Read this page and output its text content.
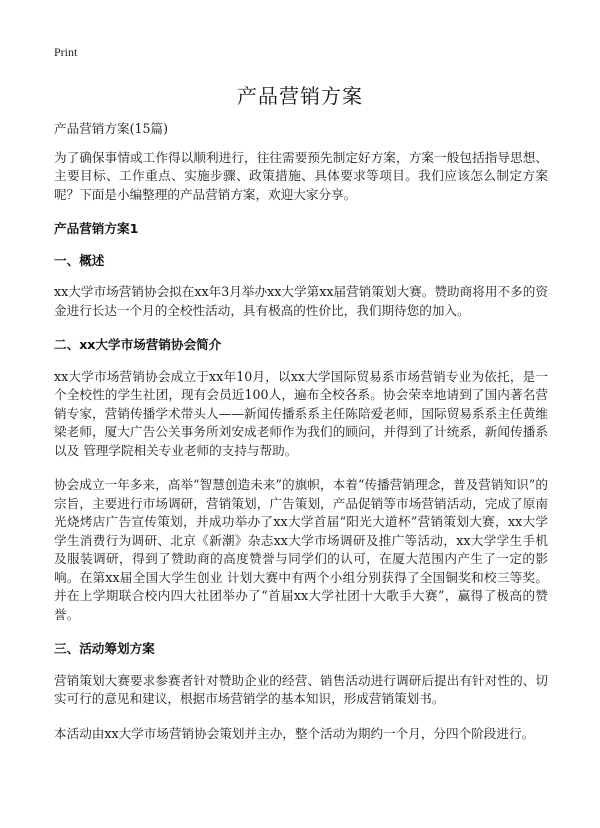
Print
产品营销方案
产品营销方案(15篇)

为了确保事情或工作得以顺利进行，往往需要预先制定好方案，方案一般包括指导思想、主要目标、工作重点、实施步骤、政策措施、具体要求等项目。我们应该怎么制定方案呢？下面是小编整理的产品营销方案，欢迎大家分享。

产品营销方案1
一、概述

xx大学市场营销协会拟在xx年3月举办xx大学第xx届营销策划大赛。赞助商将用不多的资金进行长达一个月的全校性活动，具有极高的性价比，我们期待您的加入。

二、xx大学市场营销协会简介

xx大学市场营销协会成立于xx年10月，以xx大学国际贸易系市场营销专业为依托，是一个全校性的学生社团，现有会员近100人，遍布全校各系。协会荣幸地请到了国内著名营销专家，营销传播学术带头人——新闻传播系系主任陈陪爱老师，国际贸易系系主任黄维梁老师，厦大广告公关事务所刘安成老师作为我们的顾问，并得到了计统系，新闻传播系以及 管理学院相关专业老师的支持与帮助。

协会成立一年多来，高举“智慧创造未来”的旗帜，本着“传播营销理念，普及营销知识”的宗旨，主要进行市场调研，营销策划，广告策划，产品促销等市场营销活动，完成了原南光烧烤店广告宣传策划，并成功举办了xx大学首届“阳光大道杯”营销策划大赛，xx大学学生消费行为调研、北京《新潮》杂志xx大学市场调研及推广等活动，xx大学学生手机及服装调研，得到了赞助商的高度赞誉与同学们的认可，在厦大范围内产生了一定的影响。在第xx届全国大学生创业 计划大赛中有两个小组分别获得了全国铜奖和校三等奖。并在上学期联合校内四大社团举办了“首届xx大学社团十大歌手大赛”，赢得了极高的赞誉。

三、活动筹划方案

营销策划大赛要求参赛者针对赞助企业的经营、销售活动进行调研后提出有针对性的、切实可行的意见和建议，根据市场营销学的基本知识，形成营销策划书。

本活动由xx大学市场营销协会策划并主办，整个活动为期约一个月，分四个阶段进行。
